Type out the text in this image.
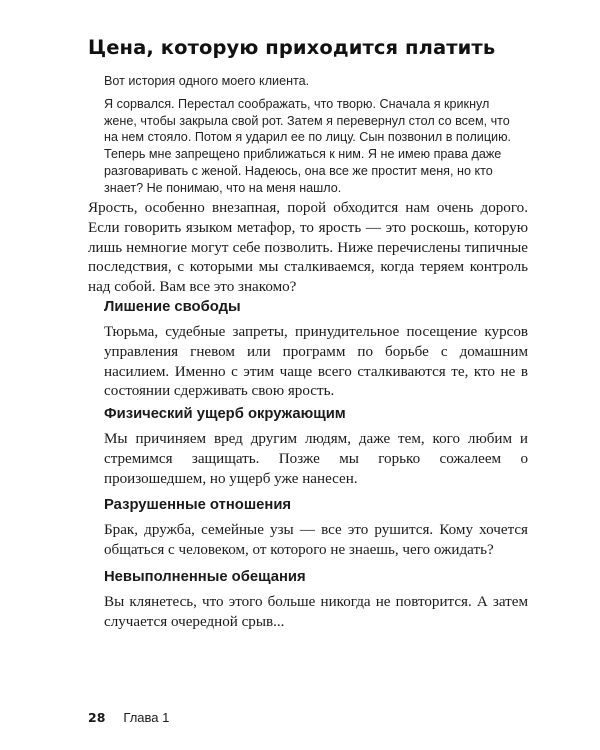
Цена, которую приходится платить
Вот история одного моего клиента.
Я сорвался. Перестал соображать, что творю. Сначала я крикнул жене, чтобы закрыла свой рот. Затем я перевернул стол со всем, что на нем стояло. Потом я ударил ее по лицу. Сын позвонил в полицию. Теперь мне запрещено приближаться к ним. Я не имею права даже разговаривать с женой. Надеюсь, она все же простит меня, но кто знает? Не понимаю, что на меня нашло.

Ярость, особенно внезапная, порой обходится нам очень дорого. Если говорить языком метафор, то ярость — это роскошь, которую лишь немногие могут себе позволить. Ниже перечислены типичные последствия, с которыми мы сталкиваемся, когда теряем контроль над собой. Вам все это знакомо?

Лишение свободы

Тюрьма, судебные запреты, принудительное посещение курсов управления гневом или программ по борьбе с домашним насилием. Именно с этим чаще всего сталкиваются те, кто не в состоянии сдерживать свою ярость.

Физический ущерб окружающим

Мы причиняем вред другим людям, даже тем, кого любим и стремимся защищать. Позже мы горько сожалеем о произошедшем, но ущерб уже нанесен.

Разрушенные отношения

Брак, дружба, семейные узы — все это рушится. Кому хочется общаться с человеком, от которого не знаешь, чего ожидать?

Невыполненные обещания

Вы клянетесь, что этого больше никогда не повторится. А затем случается очередной срыв...

28 Глава 1
